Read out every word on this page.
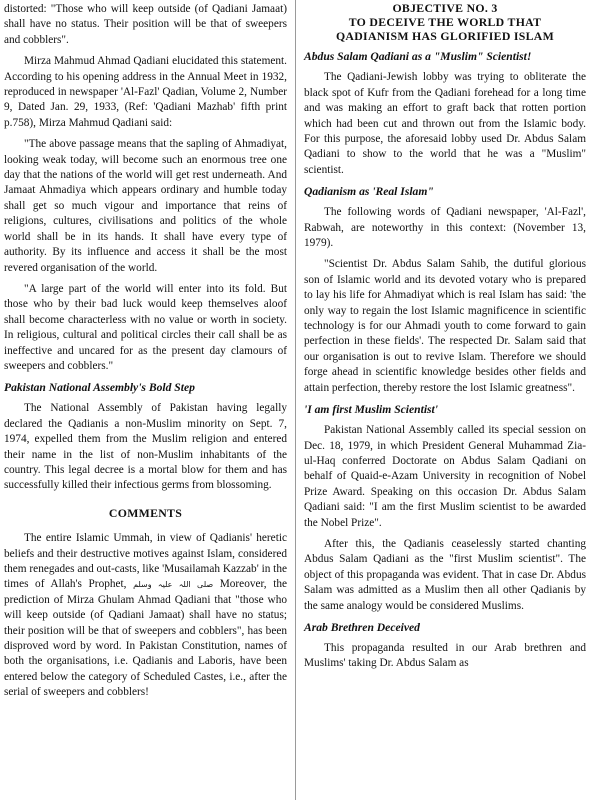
distorted: "Those who will keep outside (of Qadiani Jamaat) shall have no status. Their position will be that of sweepers and cobblers".

Mirza Mahmud Ahmad Qadiani elucidated this statement. According to his opening address in the Annual Meet in 1932, reproduced in newspaper 'Al-Fazl' Qadian, Volume 2, Number 9, Dated Jan. 29, 1933, (Ref: 'Qadiani Mazhab' fifth print p.758), Mirza Mahmud Qadiani said:

"The above passage means that the sapling of Ahmadiyat, looking weak today, will become such an enormous tree one day that the nations of the world will get rest underneath. And Jamaat Ahmadiya which appears ordinary and humble today shall get so much vigour and importance that reins of religions, cultures, civilisations and politics of the whole world shall be in its hands. It shall have every type of authority. By its influence and access it shall be the most revered organisation of the world.

"A large part of the world will enter into its fold. But those who by their bad luck would keep themselves aloof shall become characterless with no value or worth in society. In religious, cultural and political circles their call shall be as ineffective and uncared for as the present day clamours of sweepers and cobblers."

Pakistan National Assembly's Bold Step

The National Assembly of Pakistan having legally declared the Qadianis a non-Muslim minority on Sept. 7, 1974, expelled them from the Muslim religion and entered their name in the list of non-Muslim inhabitants of the country. This legal decree is a mortal blow for them and has successfully killed their infectious germs from blossoming.

COMMENTS

The entire Islamic Ummah, in view of Qadianis' heretic beliefs and their destructive motives against Islam, considered them renegades and out-casts, like 'Musailamah Kazzab' in the times of Allah's Prophet, صلی اللہ علیہ وسلم Moreover, the prediction of Mirza Ghulam Ahmad Qadiani that "those who will keep outside (of Qadiani Jamaat) shall have no status; their position will be that of sweepers and cobblers", has been disproved word by word. In Pakistan Constitution, names of both the organisations, i.e. Qadianis and Laboris, have been entered below the category of Scheduled Castes, i.e., after the serial of sweepers and cobblers!

OBJECTIVE NO. 3
TO DECEIVE THE WORLD THAT
QADIANISM HAS GLORIFIED ISLAM
Abdus Salam Qadiani as a "Muslim" Scientist!

The Qadiani-Jewish lobby was trying to obliterate the black spot of Kufr from the Qadiani forehead for a long time and was making an effort to graft back that rotten portion which had been cut and thrown out from the Islamic body. For this purpose, the aforesaid lobby used Dr. Abdus Salam Qadiani to show to the world that he was a "Muslim" scientist.

Qadianism as 'Real Islam"

The following words of Qadiani newspaper, 'Al-Fazl', Rabwah, are noteworthy in this context: (November 13, 1979).

"Scientist Dr. Abdus Salam Sahib, the dutiful glorious son of Islamic world and its devoted votary who is prepared to lay his life for Ahmadiyat which is real Islam has said: 'the only way to regain the lost Islamic magnificence in scientific technology is for our Ahmadi youth to come forward to gain perfection in these fields'. The respected Dr. Salam said that our organisation is out to revive Islam. Therefore we should forge ahead in scientific knowledge besides other fields and attain perfection, thereby restore the lost Islamic greatness".

'I am first Muslim Scientist'

Pakistan National Assembly called its special session on Dec. 18, 1979, in which President General Muhammad Zia-ul-Haq conferred Doctorate on Abdus Salam Qadiani on behalf of Quaid-e-Azam University in recognition of Nobel Prize Award. Speaking on this occasion Dr. Abdus Salam Qadiani said: "I am the first Muslim scientist to be awarded the Nobel Prize".

After this, the Qadianis ceaselessly started chanting Abdus Salam Qadiani as the "first Muslim scientist". The object of this propaganda was evident. That in case Dr. Abdus Salam was admitted as a Muslim then all other Qadianis by the same analogy would be considered Muslims.

Arab Brethren Deceived

This propaganda resulted in our Arab brethren and Muslims' taking Dr. Abdus Salam as
